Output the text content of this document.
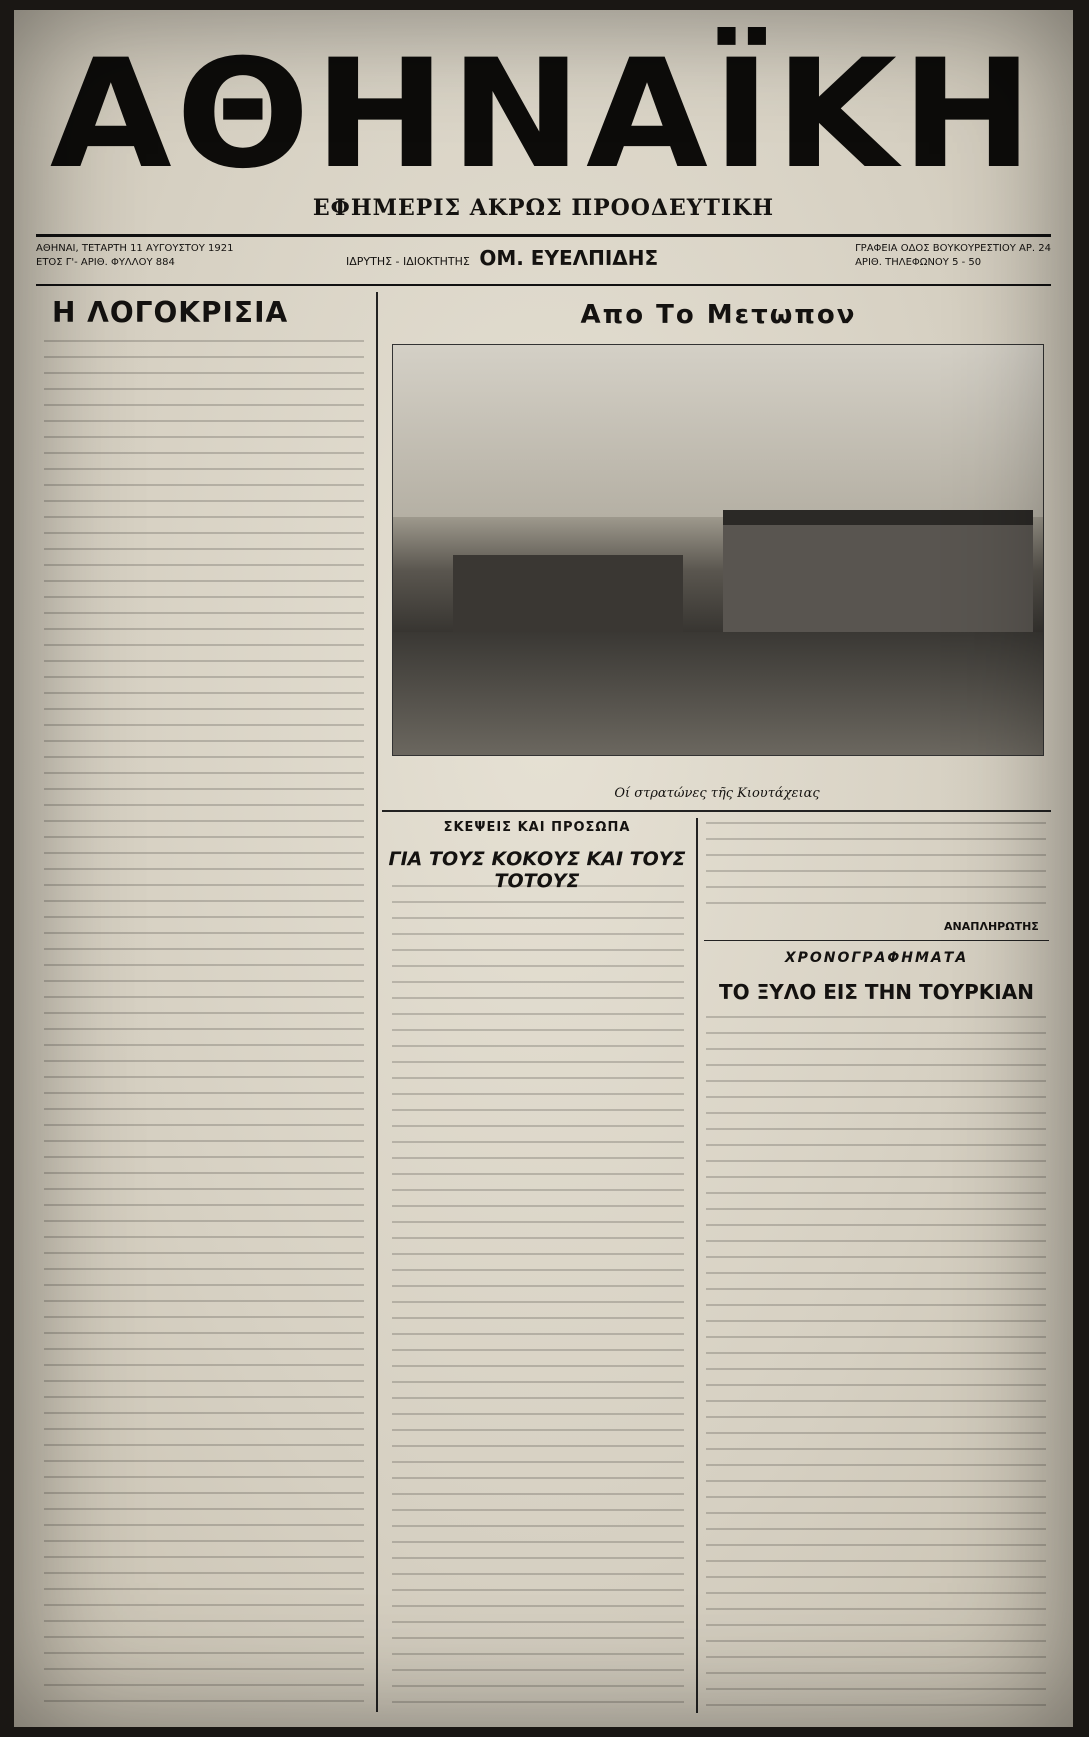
ΑΘΗΝΑΪΚΗ
ΕΦΗΜΕΡΙΣ ΑΚΡΩΣ ΠΡΟΟΔΕΥΤΙΚΗ
ΑΘΗΝΑΙ, ΤΕΤΑΡΤΗ 11 ΑΥΓΟΥΣΤΟΥ 1921
ΕΤΟΣ Γ'- ΑΡΙΘ. ΦΥΛΛΟΥ 884	ΙΔΡΥΤΗΣ - ΙΔΙΟΚΤΗΤΗΣ ΟΜ. ΕΥΕΛΠΙΔΗΣ	ΓΡΑΦΕΙΑ ΟΔΟΣ ΒΟΥΚΟΥΡΕΣΤΙΟΥ ΑΡ. 24
ΑΡΙΘ. ΤΗΛΕΦΩΝΟΥ 5 - 50
Η ΛΟΓΟΚΡΙΣΙΑ	Απο Το Μετωπον
Οί στρατώνες τῆς Κιουτάχειας
ΣΚΕΨΕΙΣ ΚΑΙ ΠΡΟΣΩΠΑ
ΓΙΑ ΤΟΥΣ ΚΟΚΟΥΣ ΚΑΙ ΤΟΥΣ ΤΟΤΟΥΣ
ΑΝΑΠΛΗΡΩΤΗΣ
ΧΡΟΝΟΓΡΑΦΗΜΑΤΑ
ΤΟ ΞΥΛΟ ΕΙΣ ΤΗΝ ΤΟΥΡΚΙΑΝ
